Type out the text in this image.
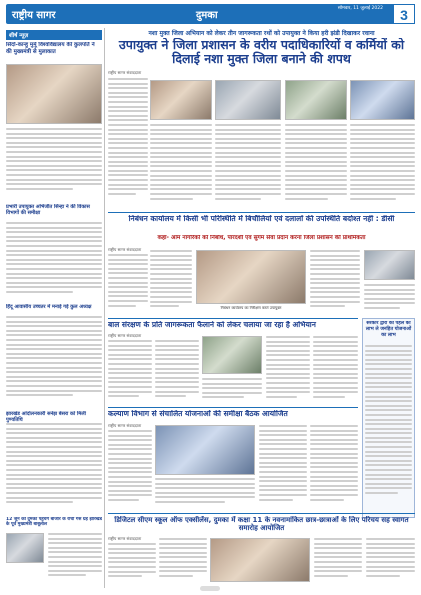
राष्ट्रीय सागर	दुमका
सोमवार, 11 जुलाई 2022	3
शीर्ष न्यूज़
सिदो-कान्हु मुर्मू विश्वविद्यालय की कुलपति ने की मुख्यमंत्री से मुलाकात
प्रभारी उपायुक्त अभिजीत सिन्हा ने की विकास विभागों की समीक्षा
हिंदू आवासीय उच्चतर में मनाई गई कुल अध्यक्ष
झारखंड आंदोलनकारी सनेझ बेसरा को मिली पुण्यतिथि
12 जून को दुमका पहुंचेंगे बाजार के रांची गैस ग्रह झारखंड के पूर्व मुख्यमंत्री बाबूलाल
नशा मुक्त जिला अभियान को लेकर तीन जागरूकता रथों को उपायुक्त ने किया हरी झंडी दिखाकर रवाना
उपायुक्त ने जिला प्रशासन के वरीय पदाधिकारियों व कर्मियों को दिलाई नशा मुक्त जिला बनाने की शपथ
राष्ट्रीय सागर संवाददाता
निबंधन कार्यालय में किसी भी परिस्थिति में बिचौलियों एवं दलालों की उपस्थिति बर्दाश्त नहीं : डीसी
कहा- आम नागरिकों को निर्बाध, पारदर्शी एवं सुगम सेवा प्रदान करना जिला प्रशासन की प्राथमिकता
राष्ट्रीय सागर संवाददाता
निबंधन कार्यालय का निरीक्षण करते उपायुक्त
बाल संरक्षण के प्रति जागरूकता फैलाने को लेकर चलाया जा रहा है अभियान
राष्ट्रीय सागर संवाददाता
सरकार द्वारा की पहल का लाभ ले जनहित योजनाओं का लाभ
कल्याण विभाग से संचालित योजनाओं की समीक्षा बैठक आयोजित
राष्ट्रीय सागर संवाददाता
डिजिटल सीएम स्कूल ऑफ एक्सीलेंस, दुमका में कक्षा 11 के नवनामांकित छात्र-छात्राओं के लिए परिचय सह स्वागत समारोह आयोजित
राष्ट्रीय सागर संवाददाता
